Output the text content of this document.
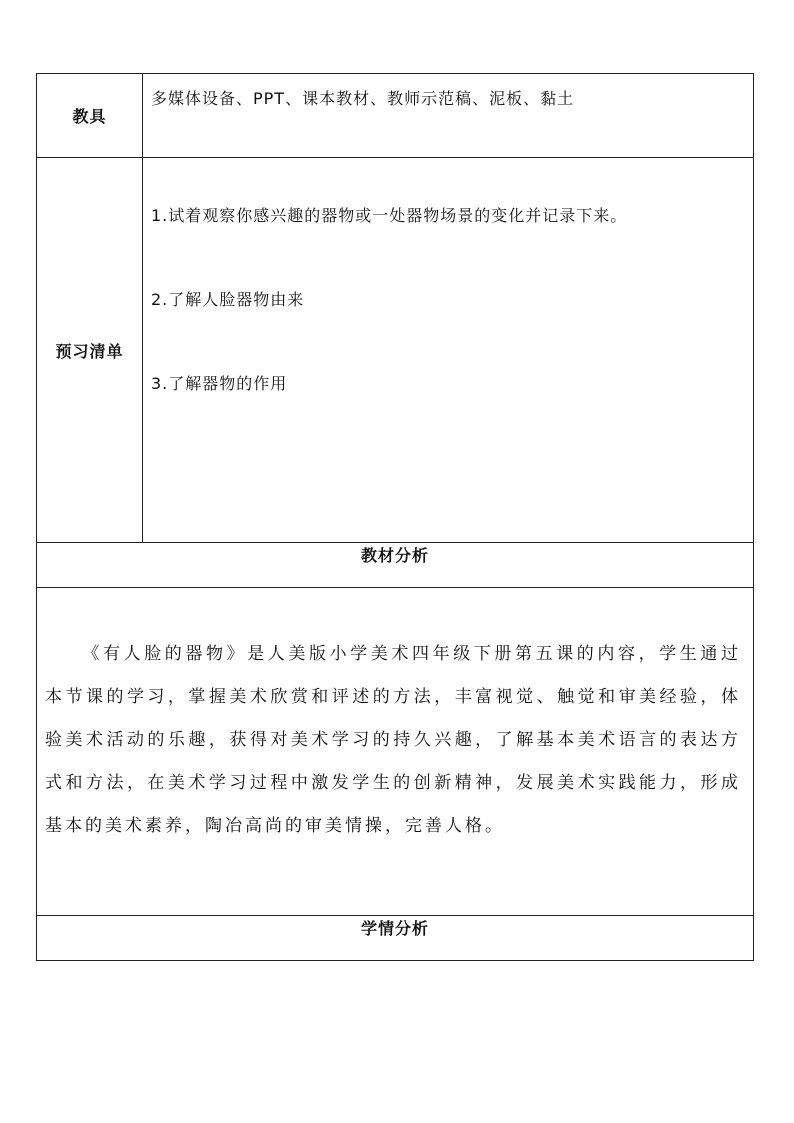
教具	多媒体设备、PPT、课本教材、教师示范稿、泥板、黏土

预习清单	1.试着观察你感兴趣的器物或一处器物场景的变化并记录下来。
2.了解人脸器物由来
3.了解器物的作用

教材分析	

《有人脸的器物》是人美版小学美术四年级下册第五课的内容，学生通过本节课的学习，掌握美术欣赏和评述的方法，丰富视觉、触觉和审美经验，体验美术活动的乐趣，获得对美术学习的持久兴趣，了解基本美术语言的表达方式和方法，在美术学习过程中激发学生的创新精神，发展美术实践能力，形成基本的美术素养，陶冶高尚的审美情操，完善人格。	

学情分析	
